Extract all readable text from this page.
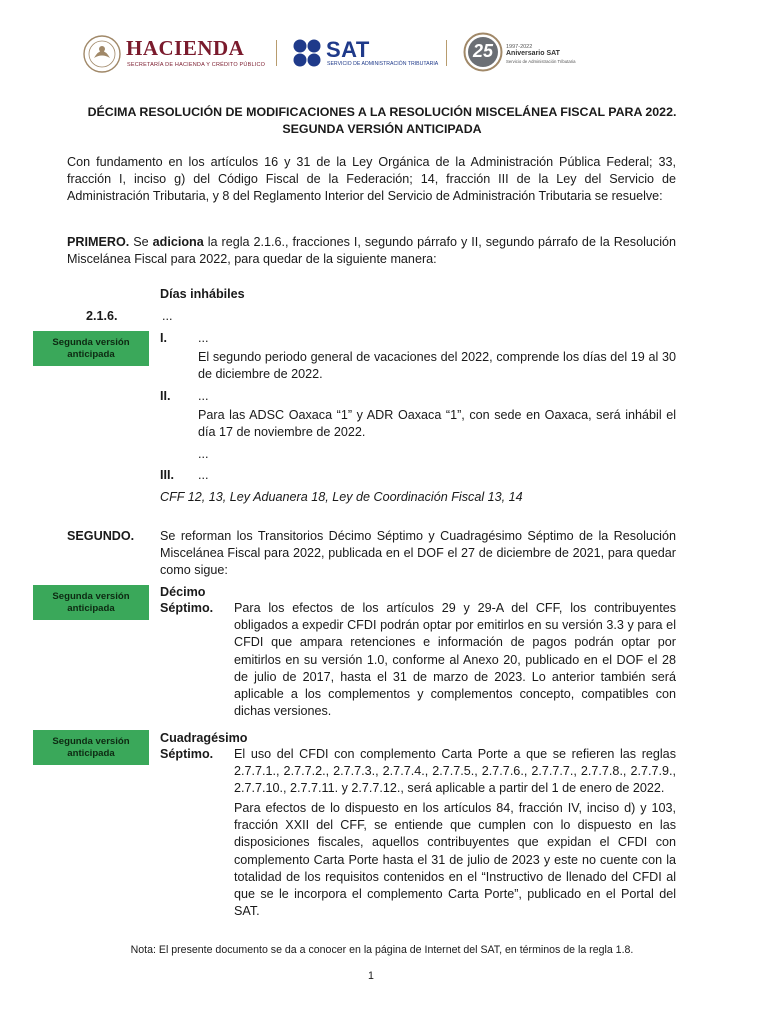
HACIENDA
SECRETARÍA DE HACIENDA Y CRÉDITO PÚBLICO
SAT
SERVICIO DE ADMINISTRACIÓN TRIBUTARIA
25	1997-2022
Aniversario SAT
Servicio de Administración Tributaria
DÉCIMA RESOLUCIÓN DE MODIFICACIONES A LA RESOLUCIÓN MISCELÁNEA FISCAL PARA 2022.
SEGUNDA VERSIÓN ANTICIPADA
Con fundamento en los artículos 16 y 31 de la Ley Orgánica de la Administración Pública Federal; 33, fracción I, inciso g) del Código Fiscal de la Federación; 14, fracción III de la Ley del Servicio de Administración Tributaria, y 8 del Reglamento Interior del Servicio de Administración Tributaria se resuelve:
PRIMERO. Se adiciona la regla 2.1.6., fracciones I, segundo párrafo y II, segundo párrafo de la Resolución Miscelánea Fiscal para 2022, para quedar de la siguiente manera:
Días inhábiles
2.1.6.	...
Segunda versión anticipada
I. ...
El segundo periodo general de vacaciones del 2022, comprende los días del 19 al 30 de diciembre de 2022.
II. ...
Para las ADSC Oaxaca “1” y ADR Oaxaca “1”, con sede en Oaxaca, será inhábil el día 17 de noviembre de 2022.
...
III. ...
CFF 12, 13, Ley Aduanera 18, Ley de Coordinación Fiscal 13, 14
SEGUNDO. Se reforman los Transitorios Décimo Séptimo y Cuadragésimo Séptimo de la Resolución Miscelánea Fiscal para 2022, publicada en el DOF el 27 de diciembre de 2021, para quedar como sigue:
Segunda versión anticipada
Décimo
Séptimo. Para los efectos de los artículos 29 y 29-A del CFF, los contribuyentes obligados a expedir CFDI podrán optar por emitirlos en su versión 3.3 y para el CFDI que ampara retenciones e información de pagos podrán optar por emitirlos en su versión 1.0, conforme al Anexo 20, publicado en el DOF el 28 de julio de 2017, hasta el 31 de marzo de 2023. Lo anterior también será aplicable a los complementos y complementos concepto, compatibles con dichas versiones.
Segunda versión anticipada
Cuadragésimo
Séptimo. El uso del CFDI con complemento Carta Porte a que se refieren las reglas 2.7.7.1., 2.7.7.2., 2.7.7.3., 2.7.7.4., 2.7.7.5., 2.7.7.6., 2.7.7.7., 2.7.7.8., 2.7.7.9., 2.7.7.10., 2.7.7.11. y 2.7.7.12., será aplicable a partir del 1 de enero de 2022.
Para efectos de lo dispuesto en los artículos 84, fracción IV, inciso d) y 103, fracción XXII del CFF, se entiende que cumplen con lo dispuesto en las disposiciones fiscales, aquellos contribuyentes que expidan el CFDI con complemento Carta Porte hasta el 31 de julio de 2023 y este no cuente con la totalidad de los requisitos contenidos en el “Instructivo de llenado del CFDI al que se le incorpora el complemento Carta Porte”, publicado en el Portal del SAT.
Nota: El presente documento se da a conocer en la página de Internet del SAT, en términos de la regla 1.8.
1
